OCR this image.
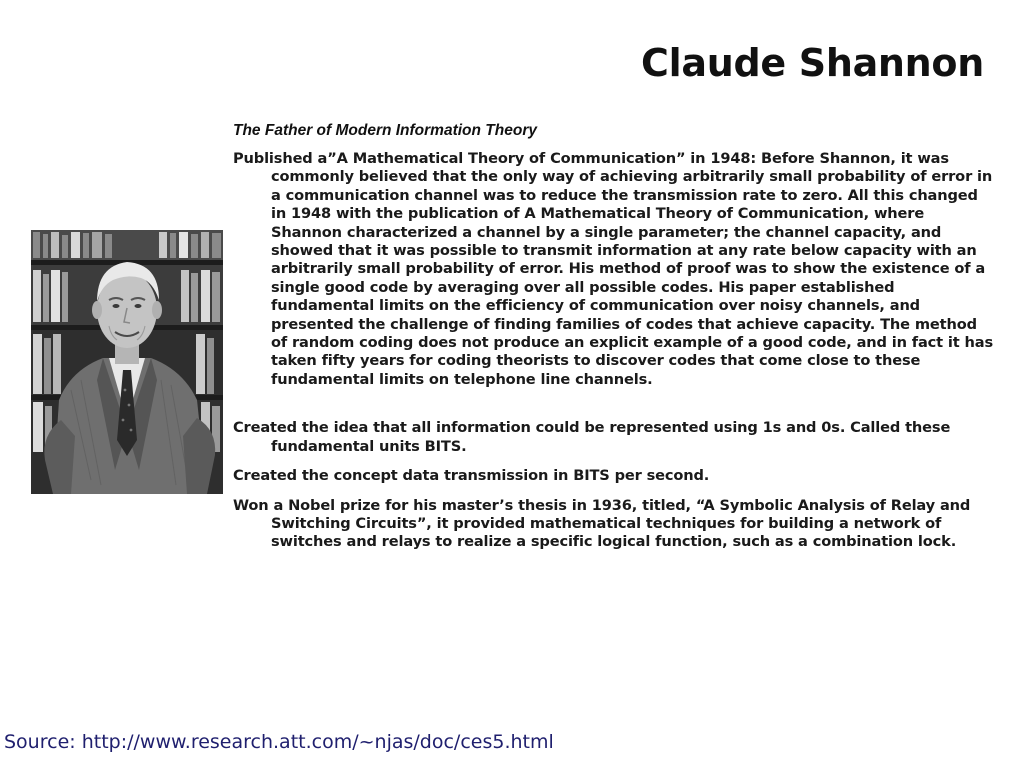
Claude Shannon

The Father of Modern Information Theory

Published a”A Mathematical Theory of Communication” in 1948: Before Shannon, it was commonly believed that the only way of achieving arbitrarily small probability of error in a communication channel was to reduce the transmission rate to zero. All this changed in 1948 with the publication of A Mathematical Theory of Communication, where Shannon characterized a channel by a single parameter; the channel capacity, and showed that it was possible to transmit information at any rate below capacity with an arbitrarily small probability of error. His method of proof was to show the existence of a single good code by averaging over all possible codes. His paper established fundamental limits on the efficiency of communication over noisy channels, and presented the challenge of finding families of codes that achieve capacity. The method of random coding does not produce an explicit example of a good code, and in fact it has taken fifty years for coding theorists to discover codes that come close to these fundamental limits on telephone line channels.

Created the idea that all information could be represented using 1s and 0s. Called these fundamental units BITS.

Created the concept data transmission in BITS per second.

Won a Nobel prize for his master’s thesis in 1936, titled, “A Symbolic Analysis of Relay and Switching Circuits”, it provided mathematical techniques for building a network of switches and relays to realize a specific logical function, such as a combination lock.

Source: http://www.research.att.com/~njas/doc/ces5.html
